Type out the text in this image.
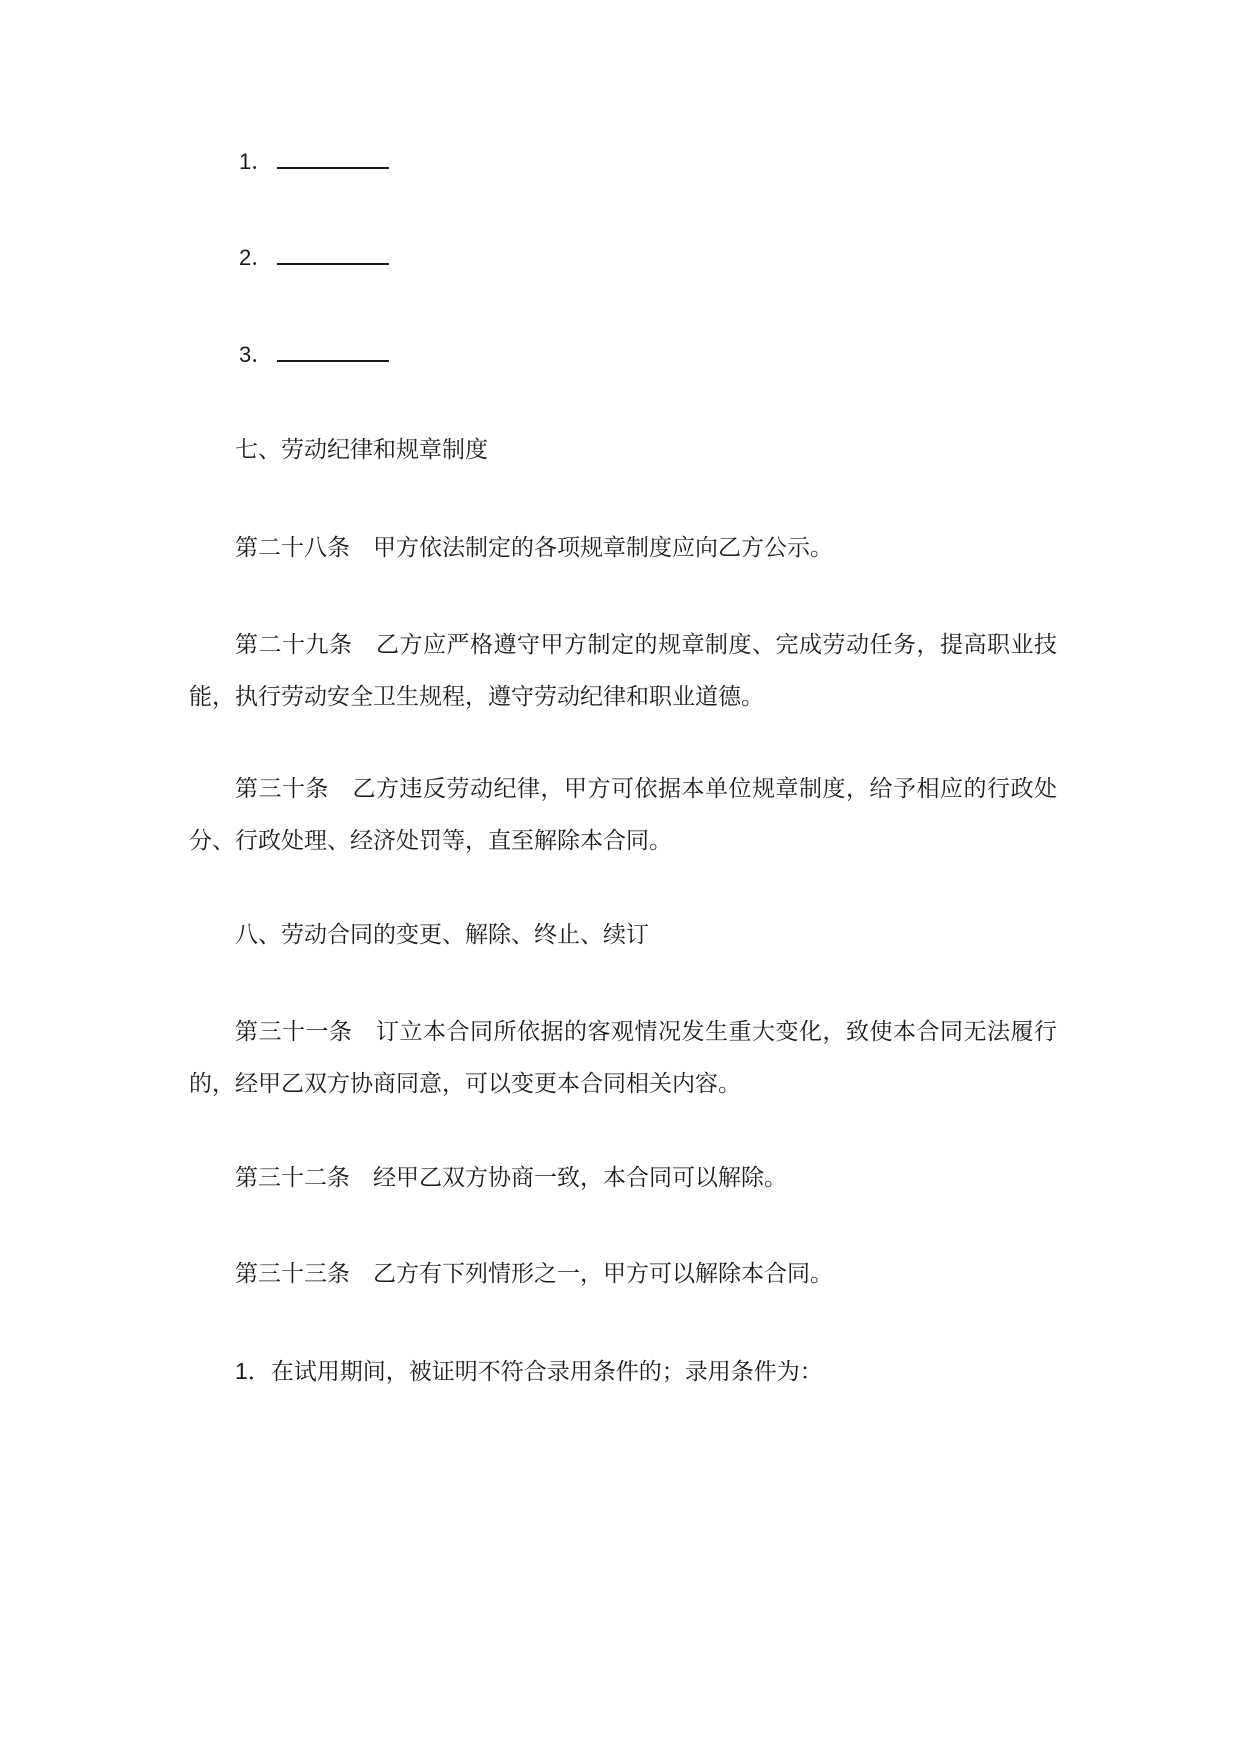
1．
2．
3．

七、劳动纪律和规章制度

第二十八条　甲方依法制定的各项规章制度应向乙方公示。

第二十九条　乙方应严格遵守甲方制定的规章制度、完成劳动任务，提高职业技能，执行劳动安全卫生规程，遵守劳动纪律和职业道德。

第三十条　乙方违反劳动纪律，甲方可依据本单位规章制度，给予相应的行政处分、行政处理、经济处罚等，直至解除本合同。

八、劳动合同的变更、解除、终止、续订

第三十一条　订立本合同所依据的客观情况发生重大变化，致使本合同无法履行的，经甲乙双方协商同意，可以变更本合同相关内容。

第三十二条　经甲乙双方协商一致，本合同可以解除。

第三十三条　乙方有下列情形之一，甲方可以解除本合同。

1．在试用期间，被证明不符合录用条件的；录用条件为：
